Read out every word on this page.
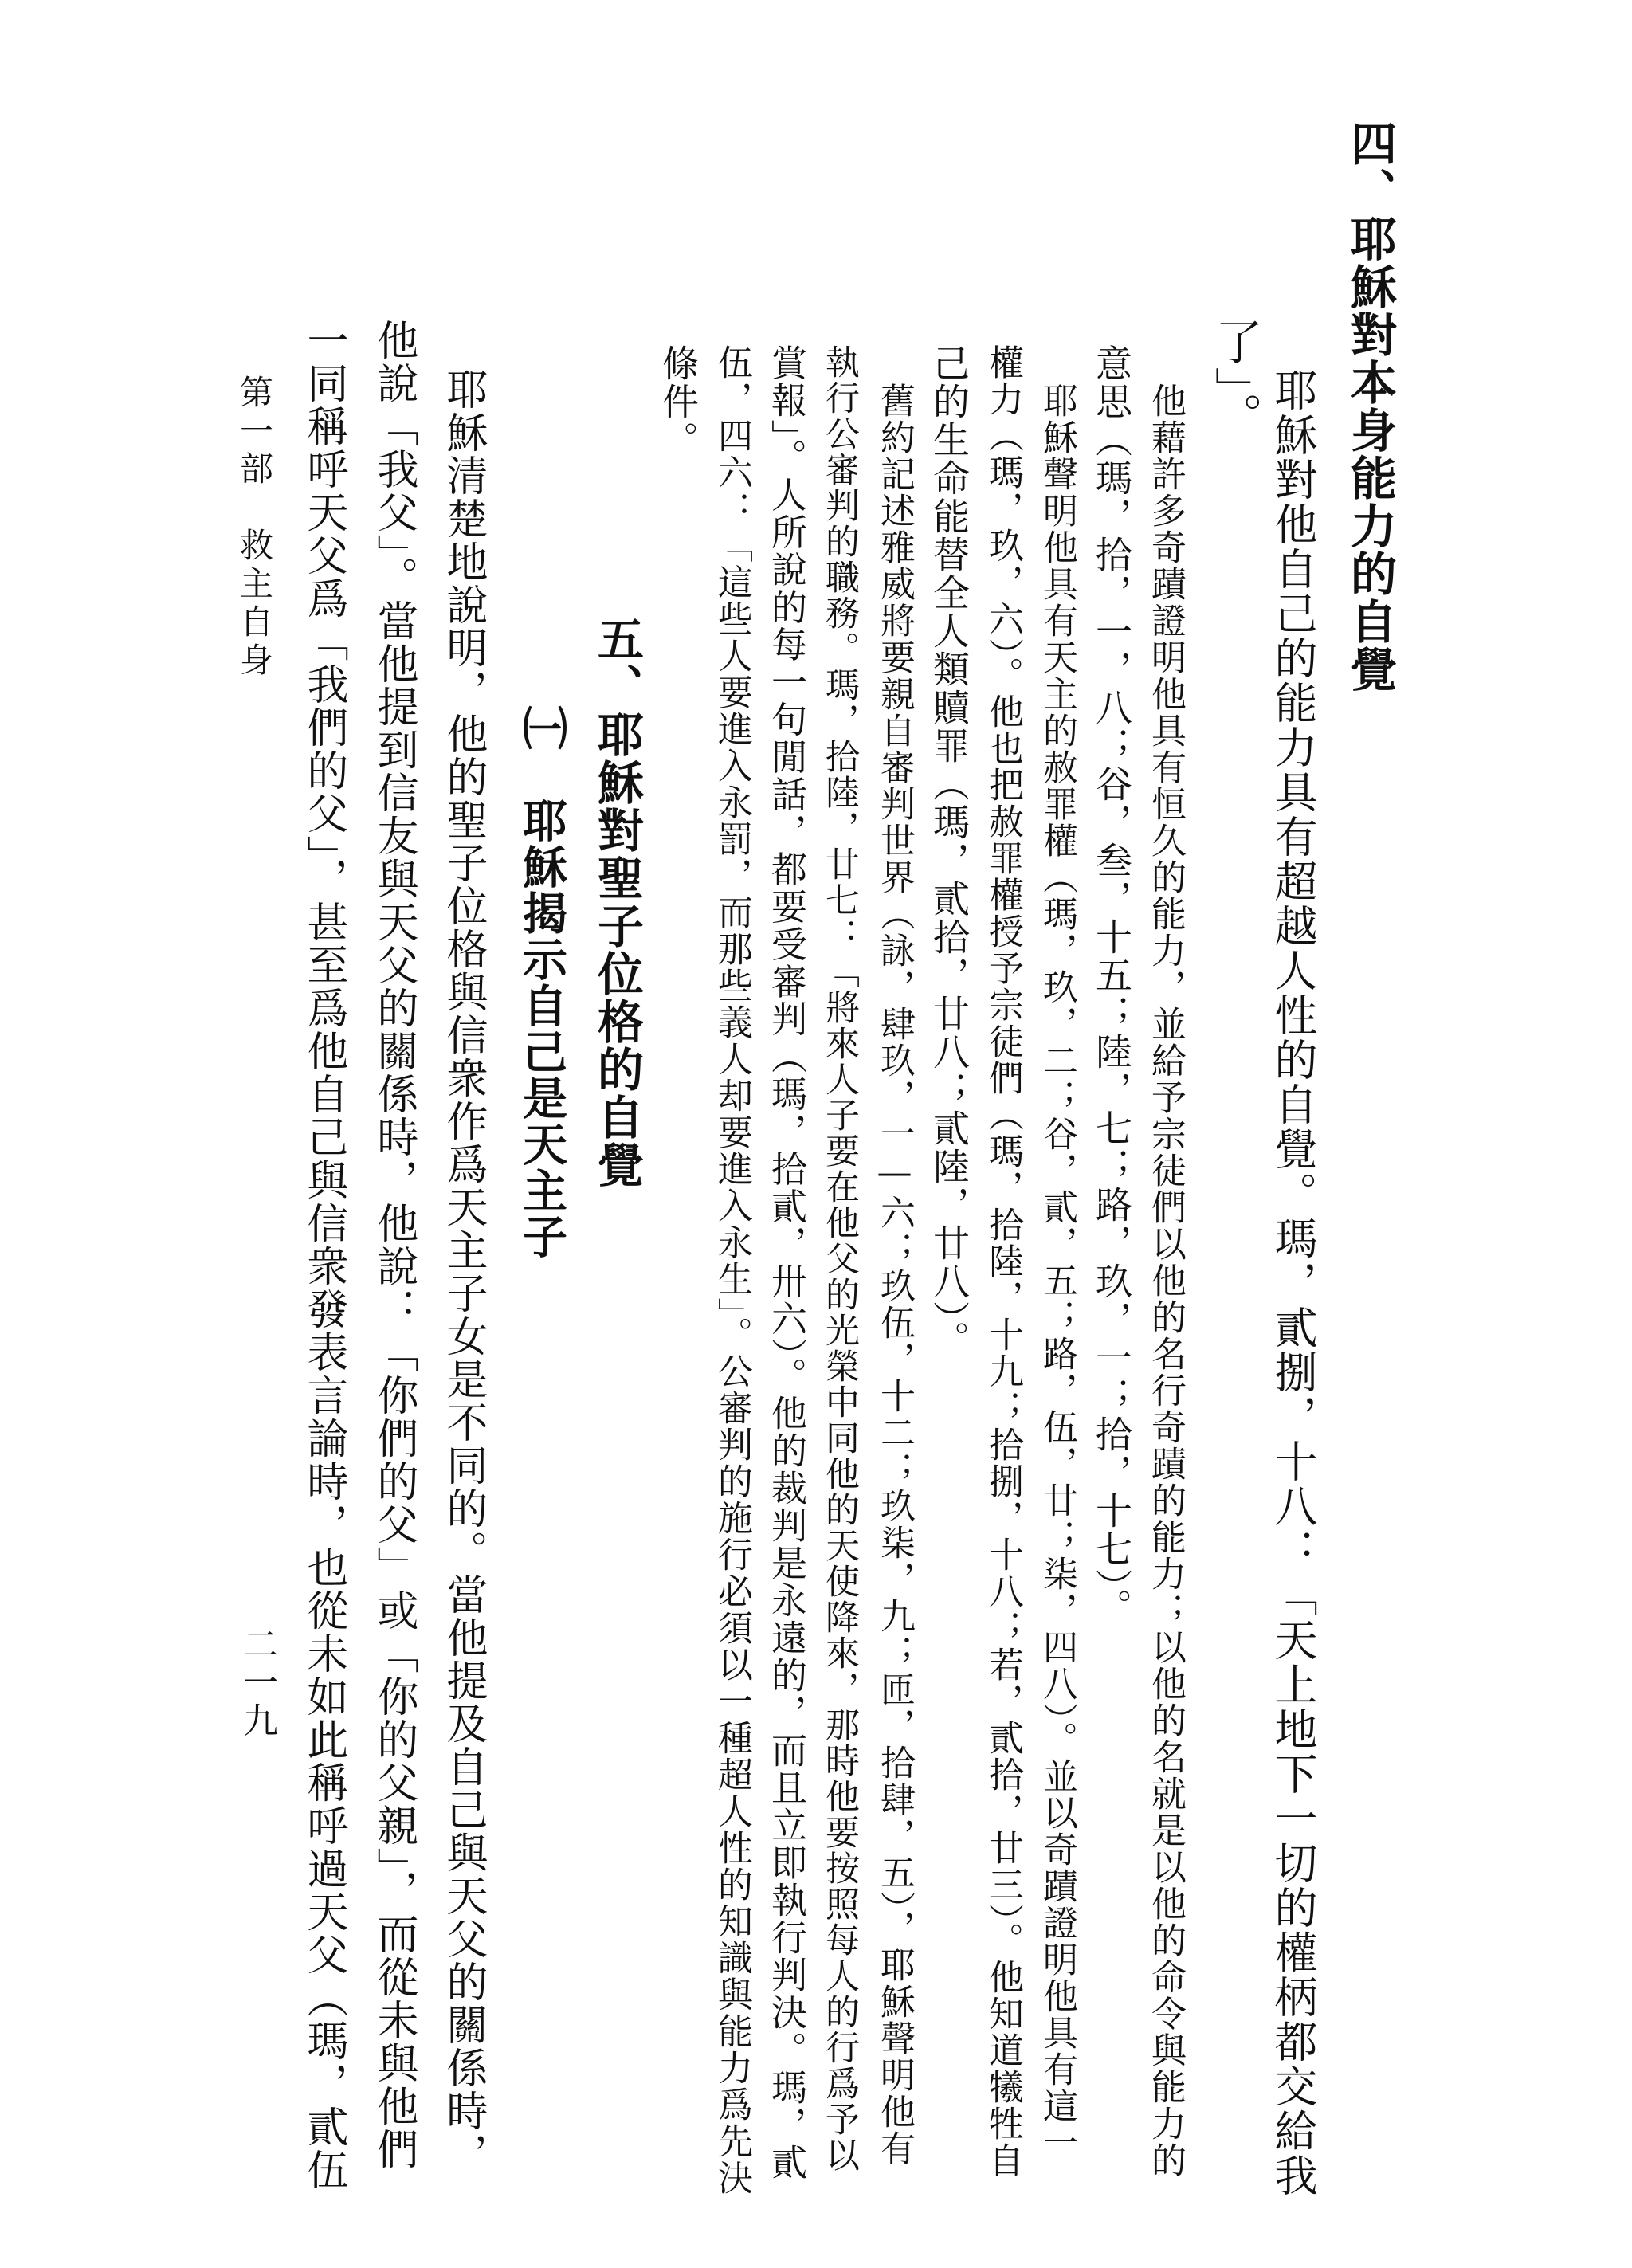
四、耶穌對本身能力的自覺
耶穌對他自己的能力具有超越人性的自覺。瑪，貳捌，十八：「天上地下一切的權柄都交給我
了」。
他藉許多奇蹟證明他具有恒久的能力，並給予宗徒們以他的名行奇蹟的能力；以他的名就是以他的命令與能力的
意思（瑪，拾，一，八；谷，叁，十五；陸，七；路，玖，一；拾，十七）。
耶穌聲明他具有天主的赦罪權（瑪，玖，二；谷，貳，五；路，伍，廿；柒，四八）。並以奇蹟證明他具有這一
權力（瑪，玖，六）。他也把赦罪權授予宗徒們（瑪，拾陸，十九；拾捌，十八；若，貳拾，廿三）。他知道犧牲自
己的生命能替全人類贖罪（瑪，貳拾，廿八；貳陸，廿八）。
舊約記述雅威將要親自審判世界（詠，肆玖，一—六；玖伍，十二；玖柒，九；匝，拾肆，五），耶穌聲明他有
執行公審判的職務。瑪，拾陸，廿七：「將來人子要在他父的光榮中同他的天使降來，那時他要按照每人的行爲予以
賞報」。人所說的每一句閒話，都要受審判（瑪，拾貳，卅六）。他的裁判是永遠的，而且立即執行判決。瑪，貳
伍，四六：「這些人要進入永罰，而那些義人却要進入永生」。公審判的施行必須以一種超人性的知識與能力爲先決
條件。
五、耶穌對聖子位格的自覺
㈠　耶穌揭示自己是天主子
耶穌清楚地說明，他的聖子位格與信衆作爲天主子女是不同的。當他提及自己與天父的關係時，
他說「我父」。當他提到信友與天父的關係時，他說：「你們的父」或「你的父親」，而從未與他們
一同稱呼天父爲「我們的父」，甚至爲他自己與信衆發表言論時，也從未如此稱呼過天父（瑪，貳伍
第一部　救主自身
二一九
